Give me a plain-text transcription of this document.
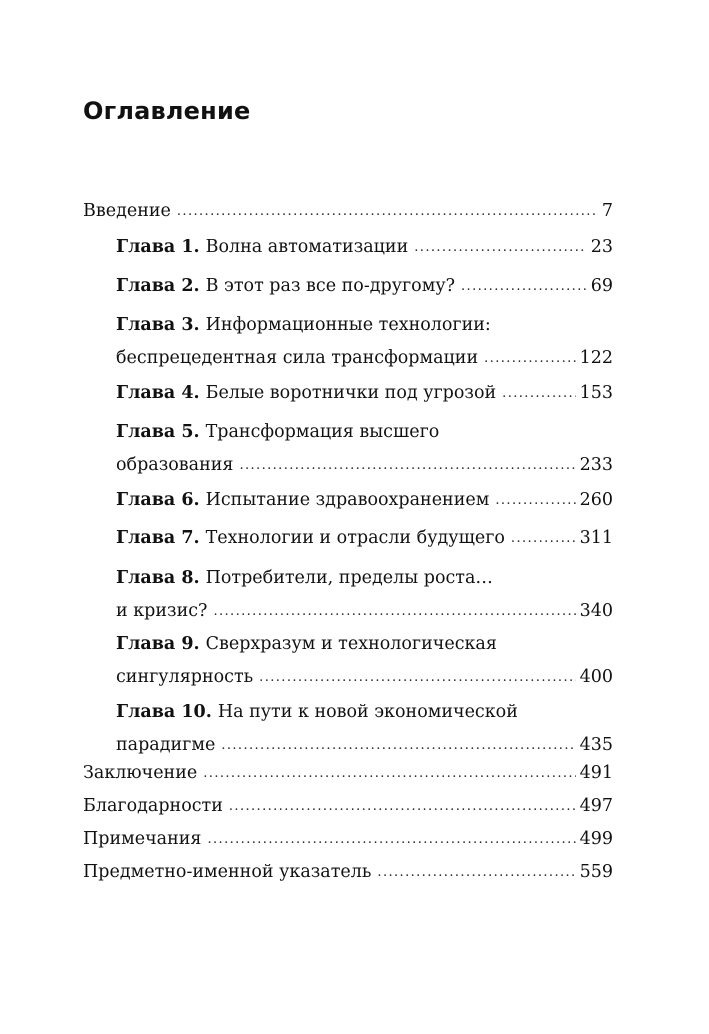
Оглавление
Введение .....	7
Глава 1. Волна автоматизации .....	23
Глава 2. В этот раз все по-другому? .....	69
Глава 3. Информационные технологии:
беспрецедентная сила трансформации .....	122
Глава 4. Белые воротнички под угрозой .....	153
Глава 5. Трансформация высшего
образования .....	233
Глава 6. Испытание здравоохранением .....	260
Глава 7. Технологии и отрасли будущего .....	311
Глава 8. Потребители, пределы роста…
и кризис? .....	340
Глава 9. Сверхразум и технологическая
сингулярность .....	400
Глава 10. На пути к новой экономической
парадигме .....	435
Заключение .....	491
Благодарности .....	497
Примечания .....	499
Предметно-именной указатель .....	559
